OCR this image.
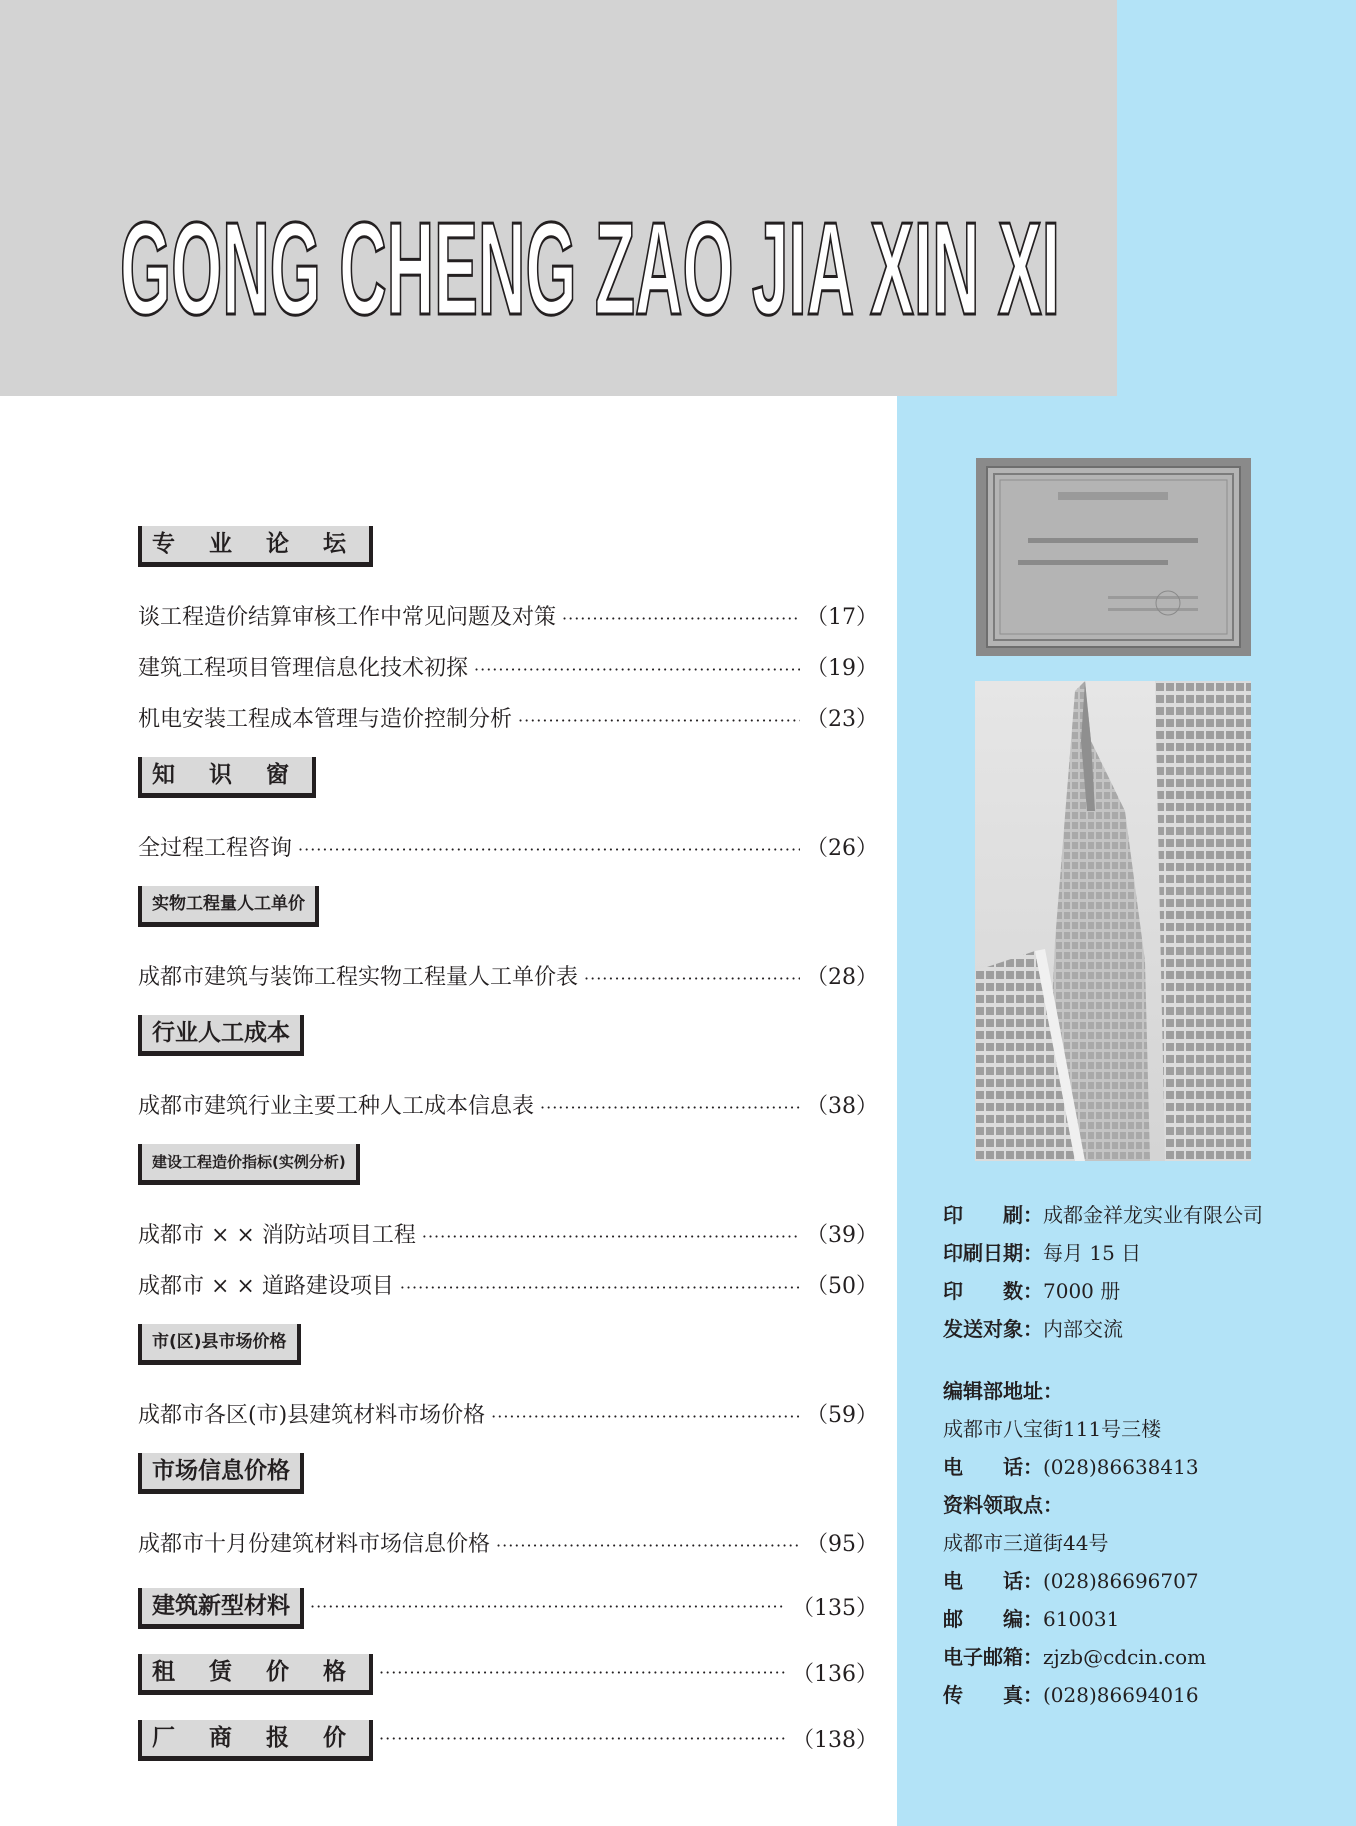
GONG CHENG ZAO JIA XIN XI
专 业 论 坛
谈工程造价结算审核工作中常见问题及对策 ·····	（17）
建筑工程项目管理信息化技术初探 ·····	（19）
机电安装工程成本管理与造价控制分析 ·····	（23）
知 识 窗
全过程工程咨询 ·····	（26）
实物工程量人工单价
成都市建筑与装饰工程实物工程量人工单价表 ·····	（28）
行业人工成本
成都市建筑行业主要工种人工成本信息表 ·····	（38）
建设工程造价指标(实例分析)
成都市 × × 消防站项目工程 ·····	（39）
成都市 × × 道路建设项目 ·····	（50）
市(区)县市场价格
成都市各区(市)县建筑材料市场价格 ·····	（59）
市场信息价格
成都市十月份建筑材料市场信息价格 ·····	（95）
建筑新型材料 ·····	（135）
租 赁 价 格 ·····	（136）
厂 商 报 价 ·····	（138）
印　　刷：成都金祥龙实业有限公司
印刷日期：每月 15 日
印　　数：7000 册
发送对象：内部交流
编辑部地址：
成都市八宝街111号三楼
电　　话：(028)86638413
资料领取点：
成都市三道街44号
电　　话：(028)86696707
邮　　编：610031
电子邮箱：zjzb@cdcin.com
传　　真：(028)86694016
